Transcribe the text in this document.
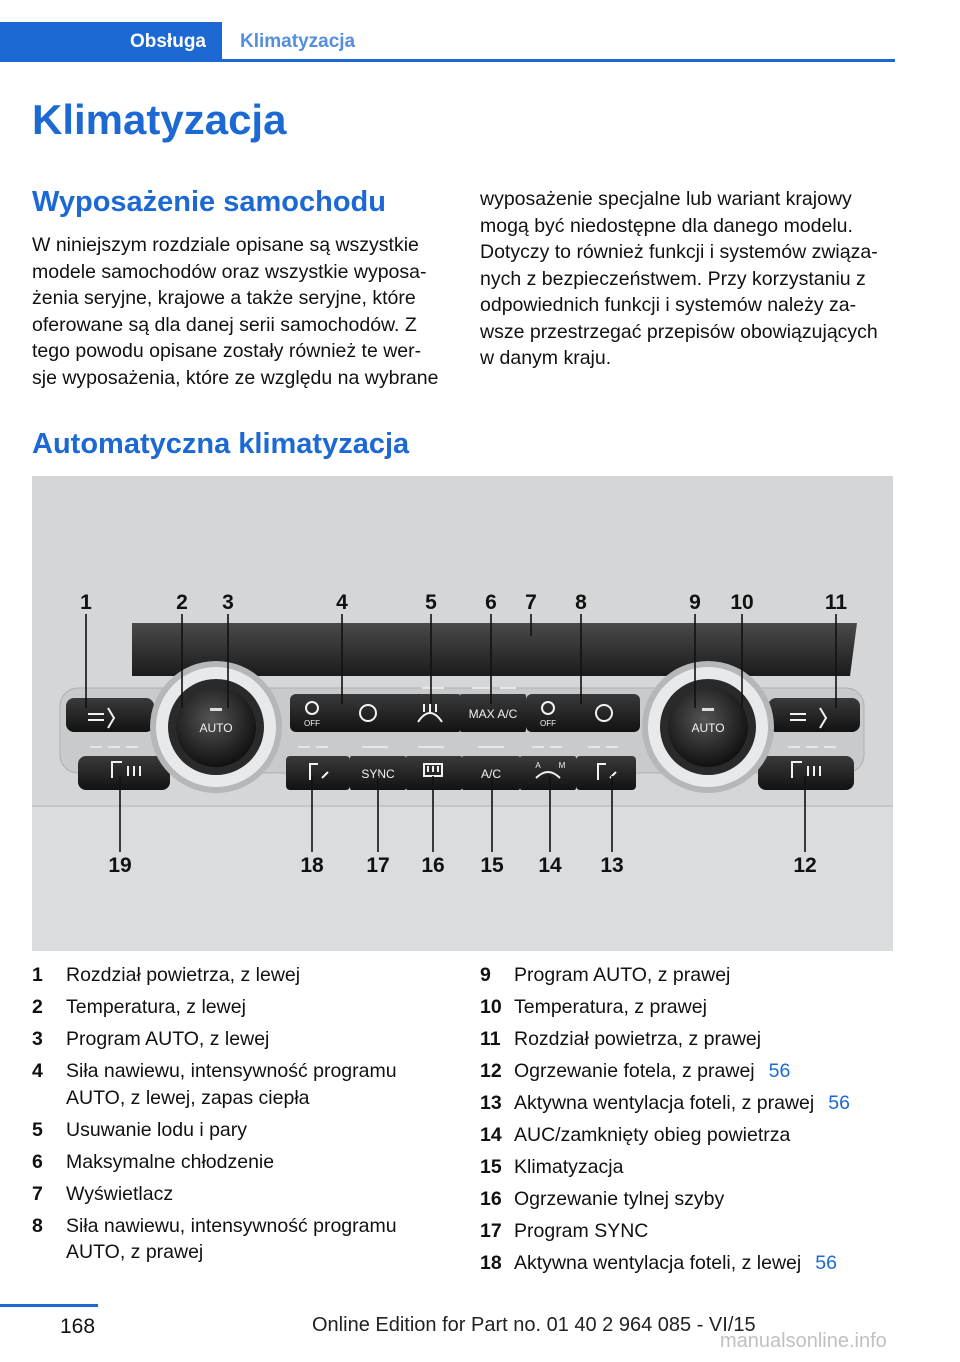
Obsługa	Klimatyzacja
Klimatyzacja
Wyposażenie samochodu

W niniejszym rozdziale opisane są wszystkie

modele samochodów oraz wszystkie wyposa‐

żenia seryjne, krajowe a także seryjne, które

oferowane są dla danej serii samochodów. Z

tego powodu opisane zostały również te wer‐

sje wyposażenia, które ze względu na wybrane

wyposażenie specjalne lub wariant krajowy

mogą być niedostępne dla danego modelu.

Dotyczy to również funkcji i systemów związa‐

nych z bezpieczeństwem. Przy korzystaniu z

odpowiednich funkcji i systemów należy za‐

wsze przestrzegać przepisów obowiązujących

w danym kraju.

Automatyczna klimatyzacja
AUTO	AUTO
MAX A/C
SYNC	A/C
OFF	OFF
A M
1	2 3	4	5 6 7 8	9 10	11
19	18 17 16 15 14 13	12
1	Rozdział powietrza, z lewej
2	Temperatura, z lewej
3	Program AUTO, z lewej
4	Siła nawiewu, intensywność programu
AUTO, z lewej, zapas ciepła
5	Usuwanie lodu i pary
6	Maksymalne chłodzenie
7	Wyświetlacz
8	Siła nawiewu, intensywność programu
AUTO, z prawej
9	Program AUTO, z prawej
10 Temperatura, z prawej
11 Rozdział powietrza, z prawej
12 Ogrzewanie fotela, z prawej 56
13 Aktywna wentylacja foteli, z prawej 56
14 AUC/zamknięty obieg powietrza
15 Klimatyzacja
16 Ogrzewanie tylnej szyby
17 Program SYNC
18 Aktywna wentylacja foteli, z lewej 56
168	Online Edition for Part no. 01 40 2 964 085 - VI/15
manualsonline.info
